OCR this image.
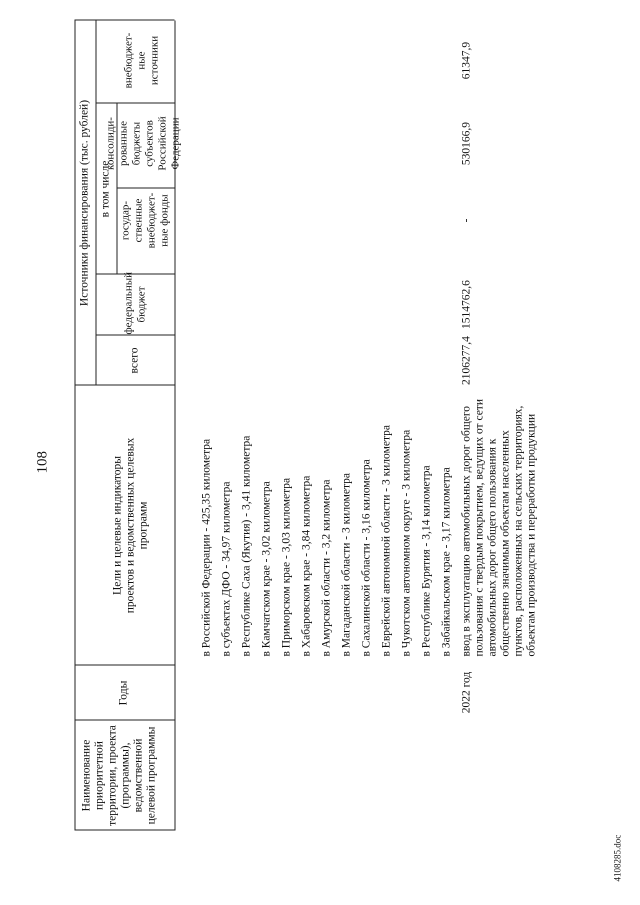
108
Наименование приоритетной территории, проекта (программы), ведомственной целевой программы
Годы
Цели и целевые индикаторы проектов и ведомственных целевых программ
Источники финансирования (тыс. рублей)
всего
федеральный бюджет
в том числе
государ-ственные внебюджет-ные фонды
консолиди-рованные бюджеты субъектов Российской Федерации
внебюджет-ные источники
в Российской Федерации - 425,35 километра в субъектах ДФО - 34,97 километра в Республике Саха (Якутия) - 3,41 километра в Камчатском крае - 3,02 километра в Приморском крае - 3,03 километра в Хабаровском крае - 3,84 километра в Амурской области - 3,2 километра в Магаданской области - 3 километра в Сахалинской области - 3,16 километра в Еврейской автономной области - 3 километра в Чукотском автономном округе - 3 километра в Республике Бурятия - 3,14 километра в Забайкальском крае - 3,17 километра
2022 год
ввод в эксплуатацию автомобильных дорог общего пользования с твердым покрытием, ведущих от сети автомобильных дорог общего пользования к общественно значимым объектам населенных пунктов, расположенных на сельских территориях, объектам производства и переработки продукции
2106277,4
1514762,6
-
530166,9
61347,9
4108285.doc
